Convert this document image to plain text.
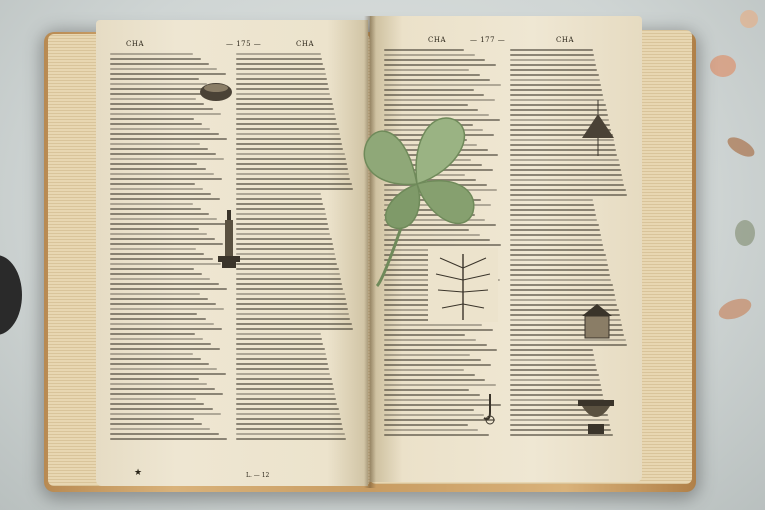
CHA	— 175 —	CHA
L. — 12
★
CHA	— 177 —	CHA
